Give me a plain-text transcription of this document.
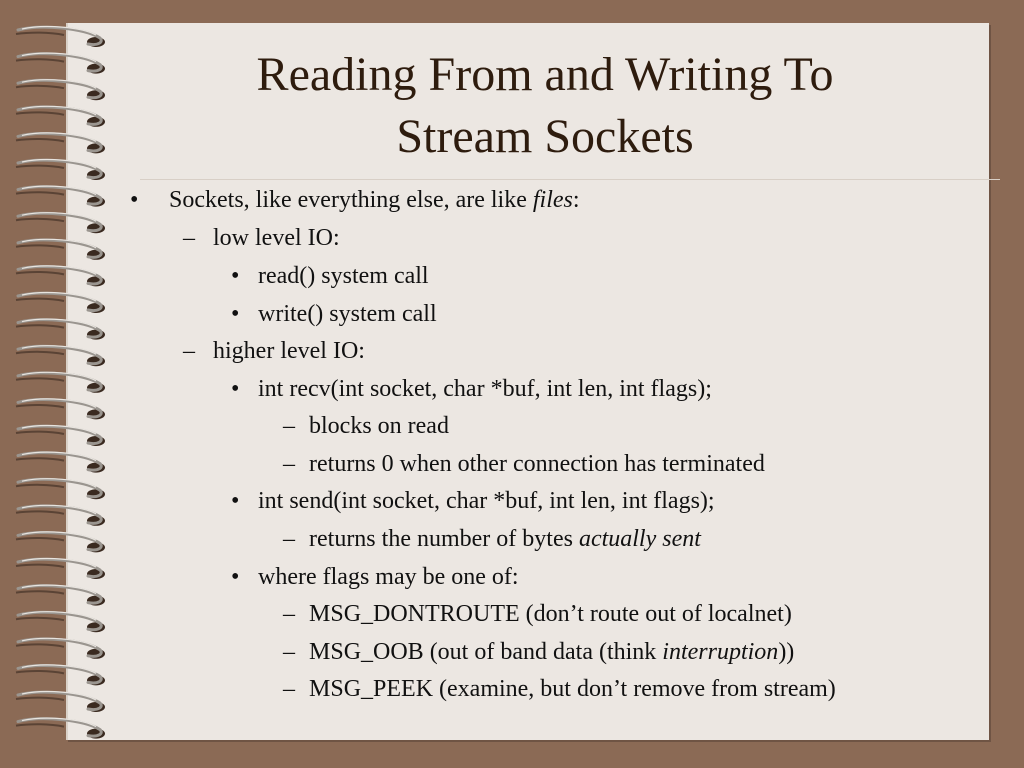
Reading From and Writing To
Stream Sockets
• Sockets, like everything else, are like files:
– low level IO:
• read() system call
• write() system call
– higher level IO:
• int recv(int socket, char *buf, int len, int flags);
– blocks on read
– returns 0 when other connection has terminated
• int send(int socket, char *buf, int len, int flags);
– returns the number of bytes actually sent
• where flags may be one of:
– MSG_DONTROUTE (don’t route out of localnet)
– MSG_OOB (out of band data (think interruption))
– MSG_PEEK (examine, but don’t remove from stream)
